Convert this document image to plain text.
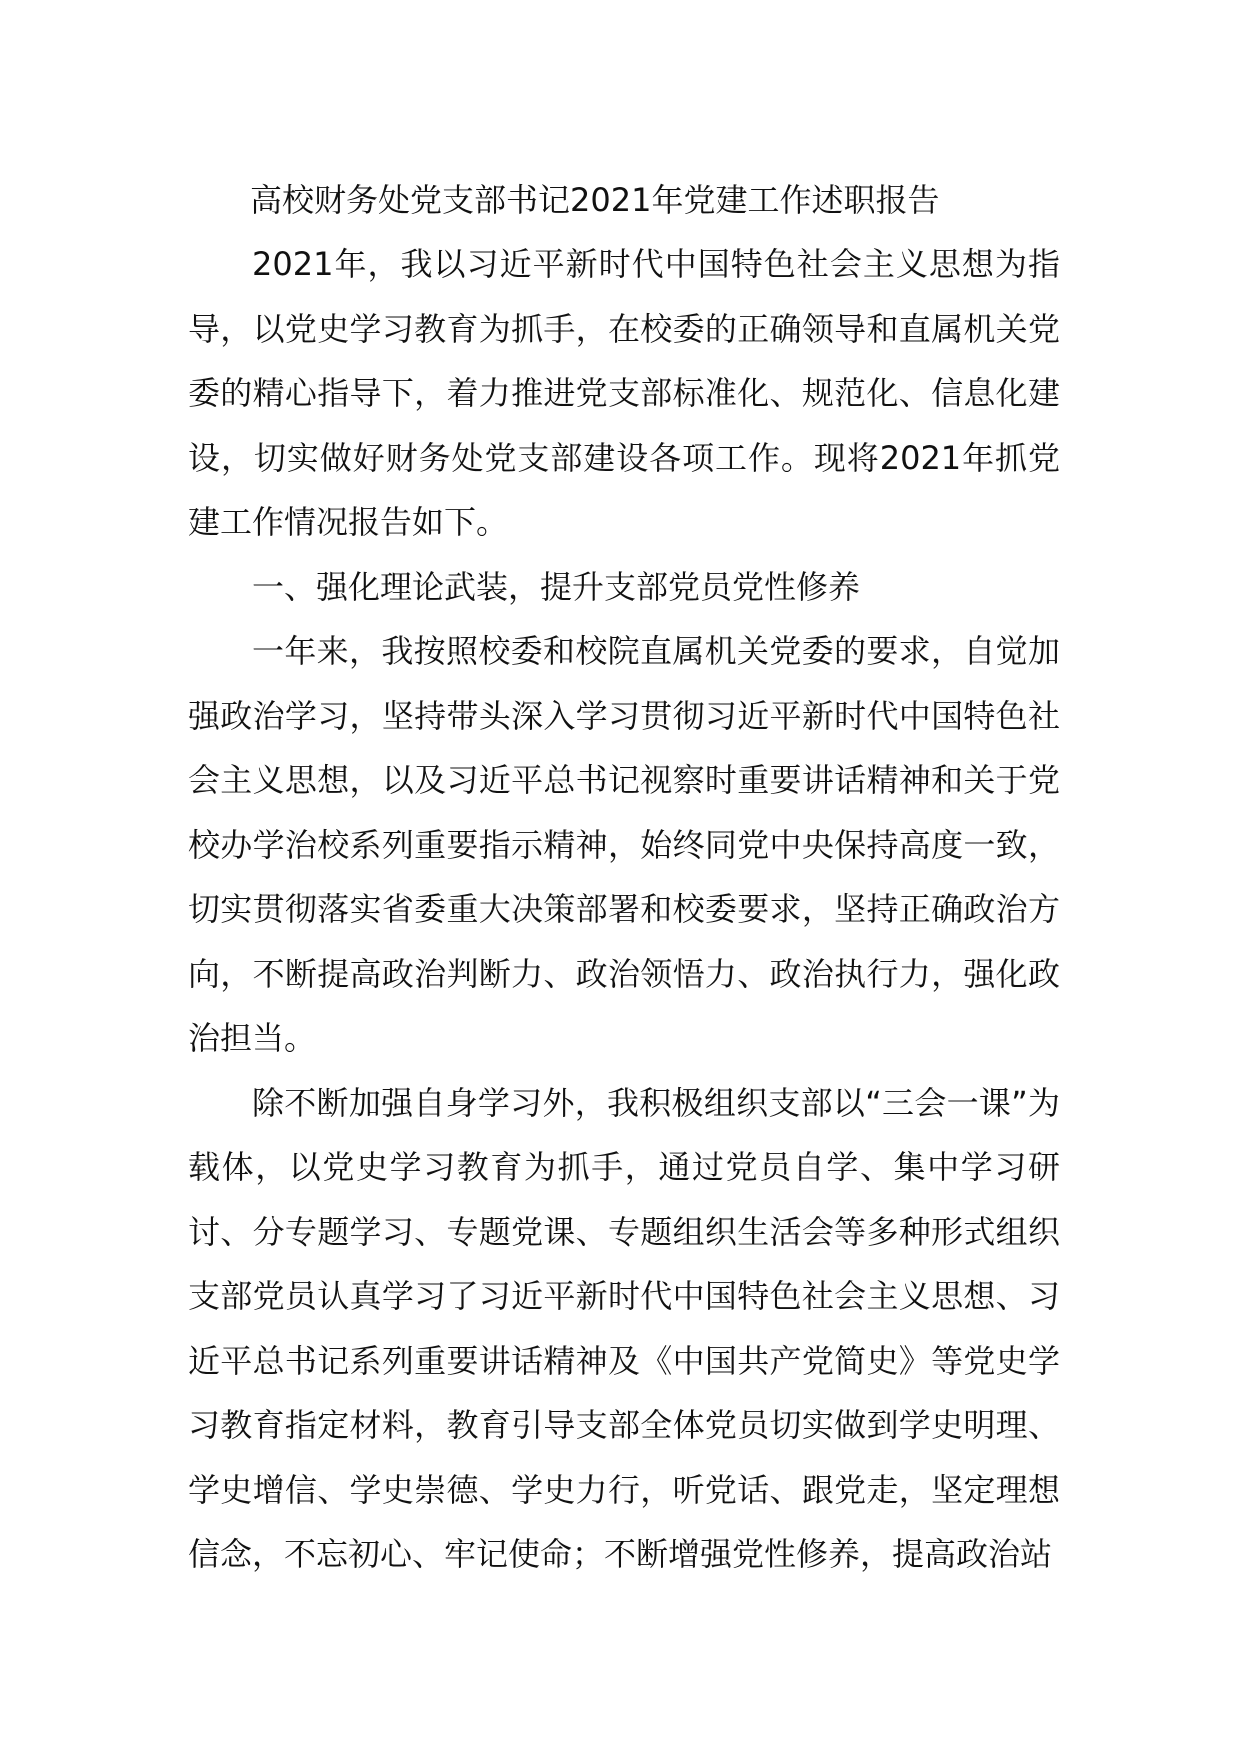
高校财务处党支部书记2021年党建工作述职报告

2021年，我以习近平新时代中国特色社会主义思想为指导，以党史学习教育为抓手，在校委的正确领导和直属机关党委的精心指导下，着力推进党支部标准化、规范化、信息化建设，切实做好财务处党支部建设各项工作。现将2021年抓党建工作情况报告如下。

一、强化理论武装，提升支部党员党性修养

一年来，我按照校委和校院直属机关党委的要求，自觉加强政治学习，坚持带头深入学习贯彻习近平新时代中国特色社会主义思想，以及习近平总书记视察时重要讲话精神和关于党校办学治校系列重要指示精神，始终同党中央保持高度一致，切实贯彻落实省委重大决策部署和校委要求，坚持正确政治方向，不断提高政治判断力、政治领悟力、政治执行力，强化政治担当。

除不断加强自身学习外，我积极组织支部以“三会一课”为载体，以党史学习教育为抓手，通过党员自学、集中学习研讨、分专题学习、专题党课、专题组织生活会等多种形式组织支部党员认真学习了习近平新时代中国特色社会主义思想、习近平总书记系列重要讲话精神及《中国共产党简史》等党史学习教育指定材料，教育引导支部全体党员切实做到学史明理、学史增信、学史崇德、学史力行，听党话、跟党走，坚定理想信念，不忘初心、牢记使命；不断增强党性修养，提高政治站
